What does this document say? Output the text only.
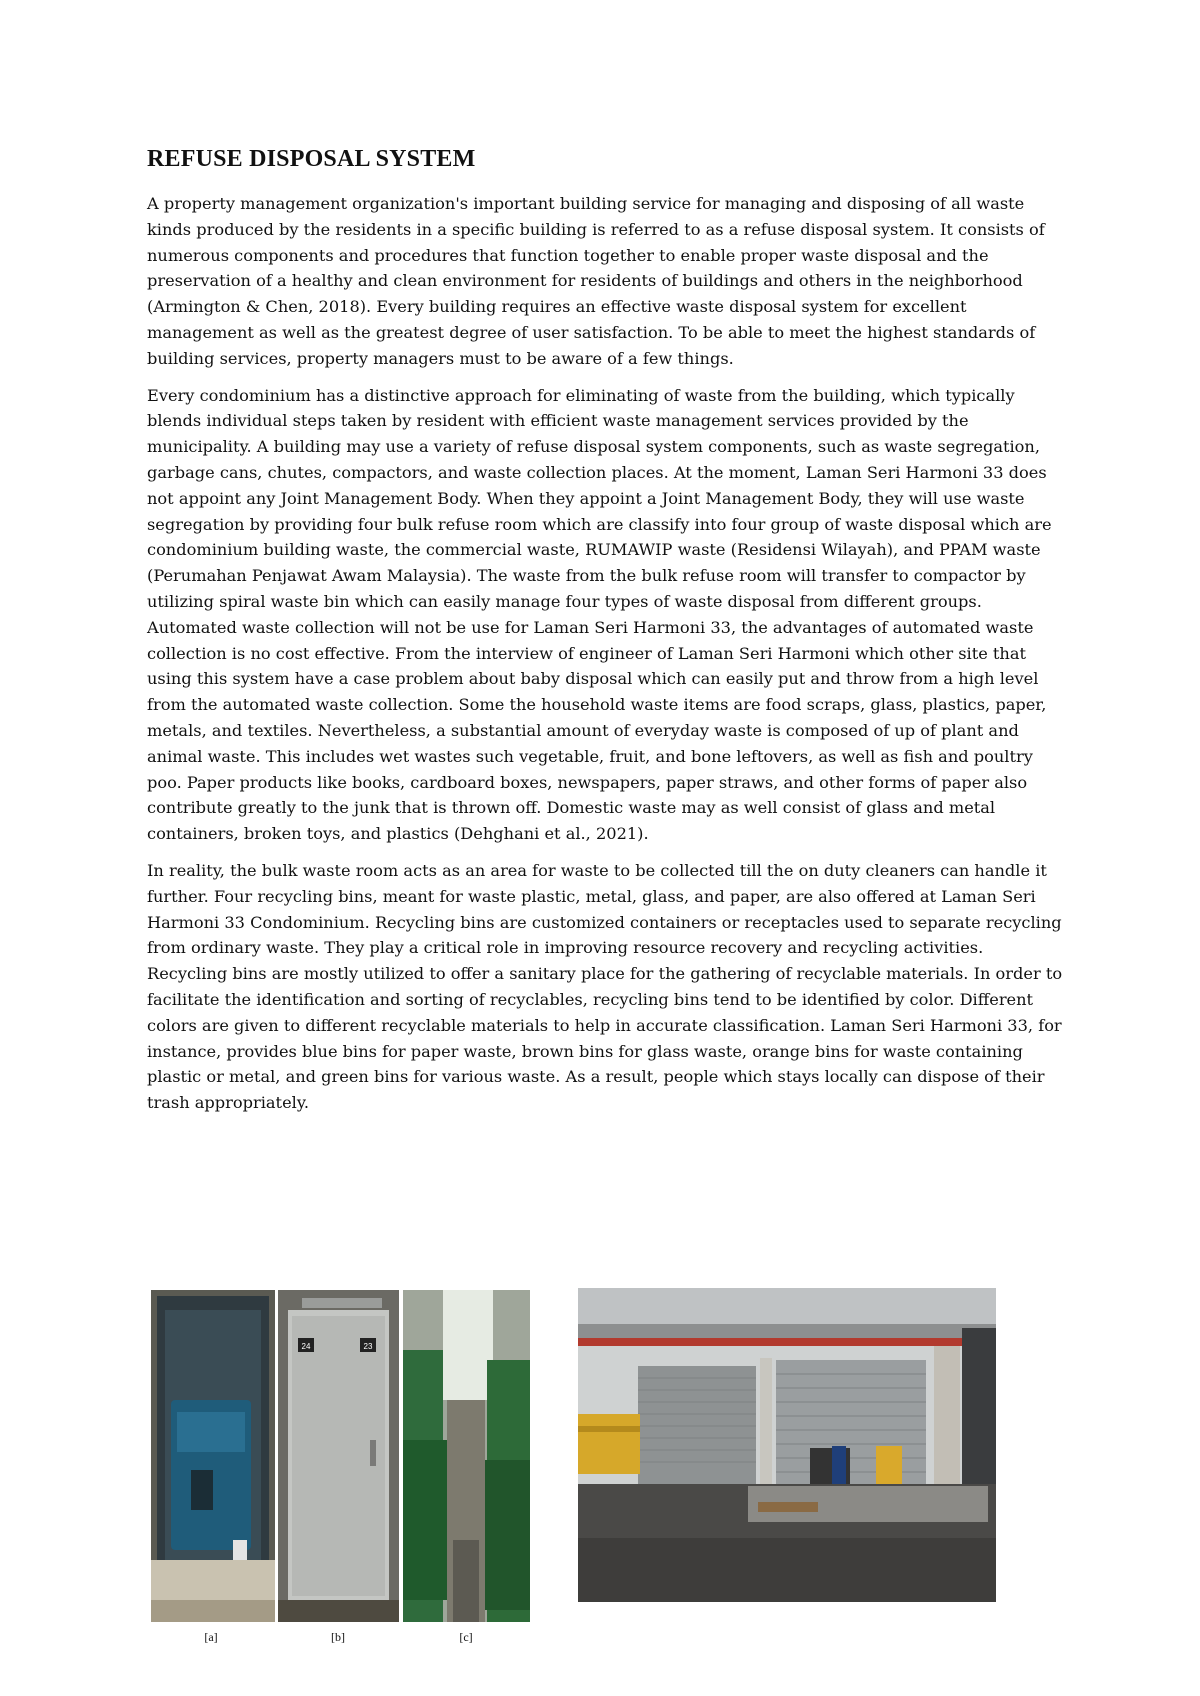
REFUSE DISPOSAL SYSTEM

A property management organization's important building service for managing and disposing of all waste kinds produced by the residents in a specific building is referred to as a refuse disposal system. It consists of numerous components and procedures that function together to enable proper waste disposal and the preservation of a healthy and clean environment for residents of buildings and others in the neighborhood (Armington & Chen, 2018). Every building requires an effective waste disposal system for excellent management as well as the greatest degree of user satisfaction. To be able to meet the highest standards of building services, property managers must to be aware of a few things.

Every condominium has a distinctive approach for eliminating of waste from the building, which typically blends individual steps taken by resident with efficient waste management services provided by the municipality. A building may use a variety of refuse disposal system components, such as waste segregation, garbage cans, chutes, compactors, and waste collection places. At the moment, Laman Seri Harmoni 33 does not appoint any Joint Management Body. When they appoint a Joint Management Body, they will use waste segregation by providing four bulk refuse room which are classify into four group of waste disposal which are condominium building waste, the commercial waste, RUMAWIP waste (Residensi Wilayah), and PPAM waste (Perumahan Penjawat Awam Malaysia). The waste from the bulk refuse room will transfer to compactor by utilizing spiral waste bin which can easily manage four types of waste disposal from different groups. Automated waste collection will not be use for Laman Seri Harmoni 33, the advantages of automated waste collection is no cost effective. From the interview of engineer of Laman Seri Harmoni which other site that using this system have a case problem about baby disposal which can easily put and throw from a high level from the automated waste collection. Some the household waste items are food scraps, glass, plastics, paper, metals, and textiles. Nevertheless, a substantial amount of everyday waste is composed of up of plant and animal waste. This includes wet wastes such vegetable, fruit, and bone leftovers, as well as fish and poultry poo. Paper products like books, cardboard boxes, newspapers, paper straws, and other forms of paper also contribute greatly to the junk that is thrown off. Domestic waste may as well consist of glass and metal containers, broken toys, and plastics (Dehghani et al., 2021).

In reality, the bulk waste room acts as an area for waste to be collected till the on duty cleaners can handle it further. Four recycling bins, meant for waste plastic, metal, glass, and paper, are also offered at Laman Seri Harmoni 33 Condominium. Recycling bins are customized containers or receptacles used to separate recycling from ordinary waste. They play a critical role in improving resource recovery and recycling activities. Recycling bins are mostly utilized to offer a sanitary place for the gathering of recyclable materials. In order to facilitate the identification and sorting of recyclables, recycling bins tend to be identified by color. Different colors are given to different recyclable materials to help in accurate classification. Laman Seri Harmoni 33, for instance, provides blue bins for paper waste, brown bins for glass waste, orange bins for waste containing plastic or metal, and green bins for various waste. As a result, people which stays locally can dispose of their trash appropriately.

24	23
[a]	[b]	[c]
